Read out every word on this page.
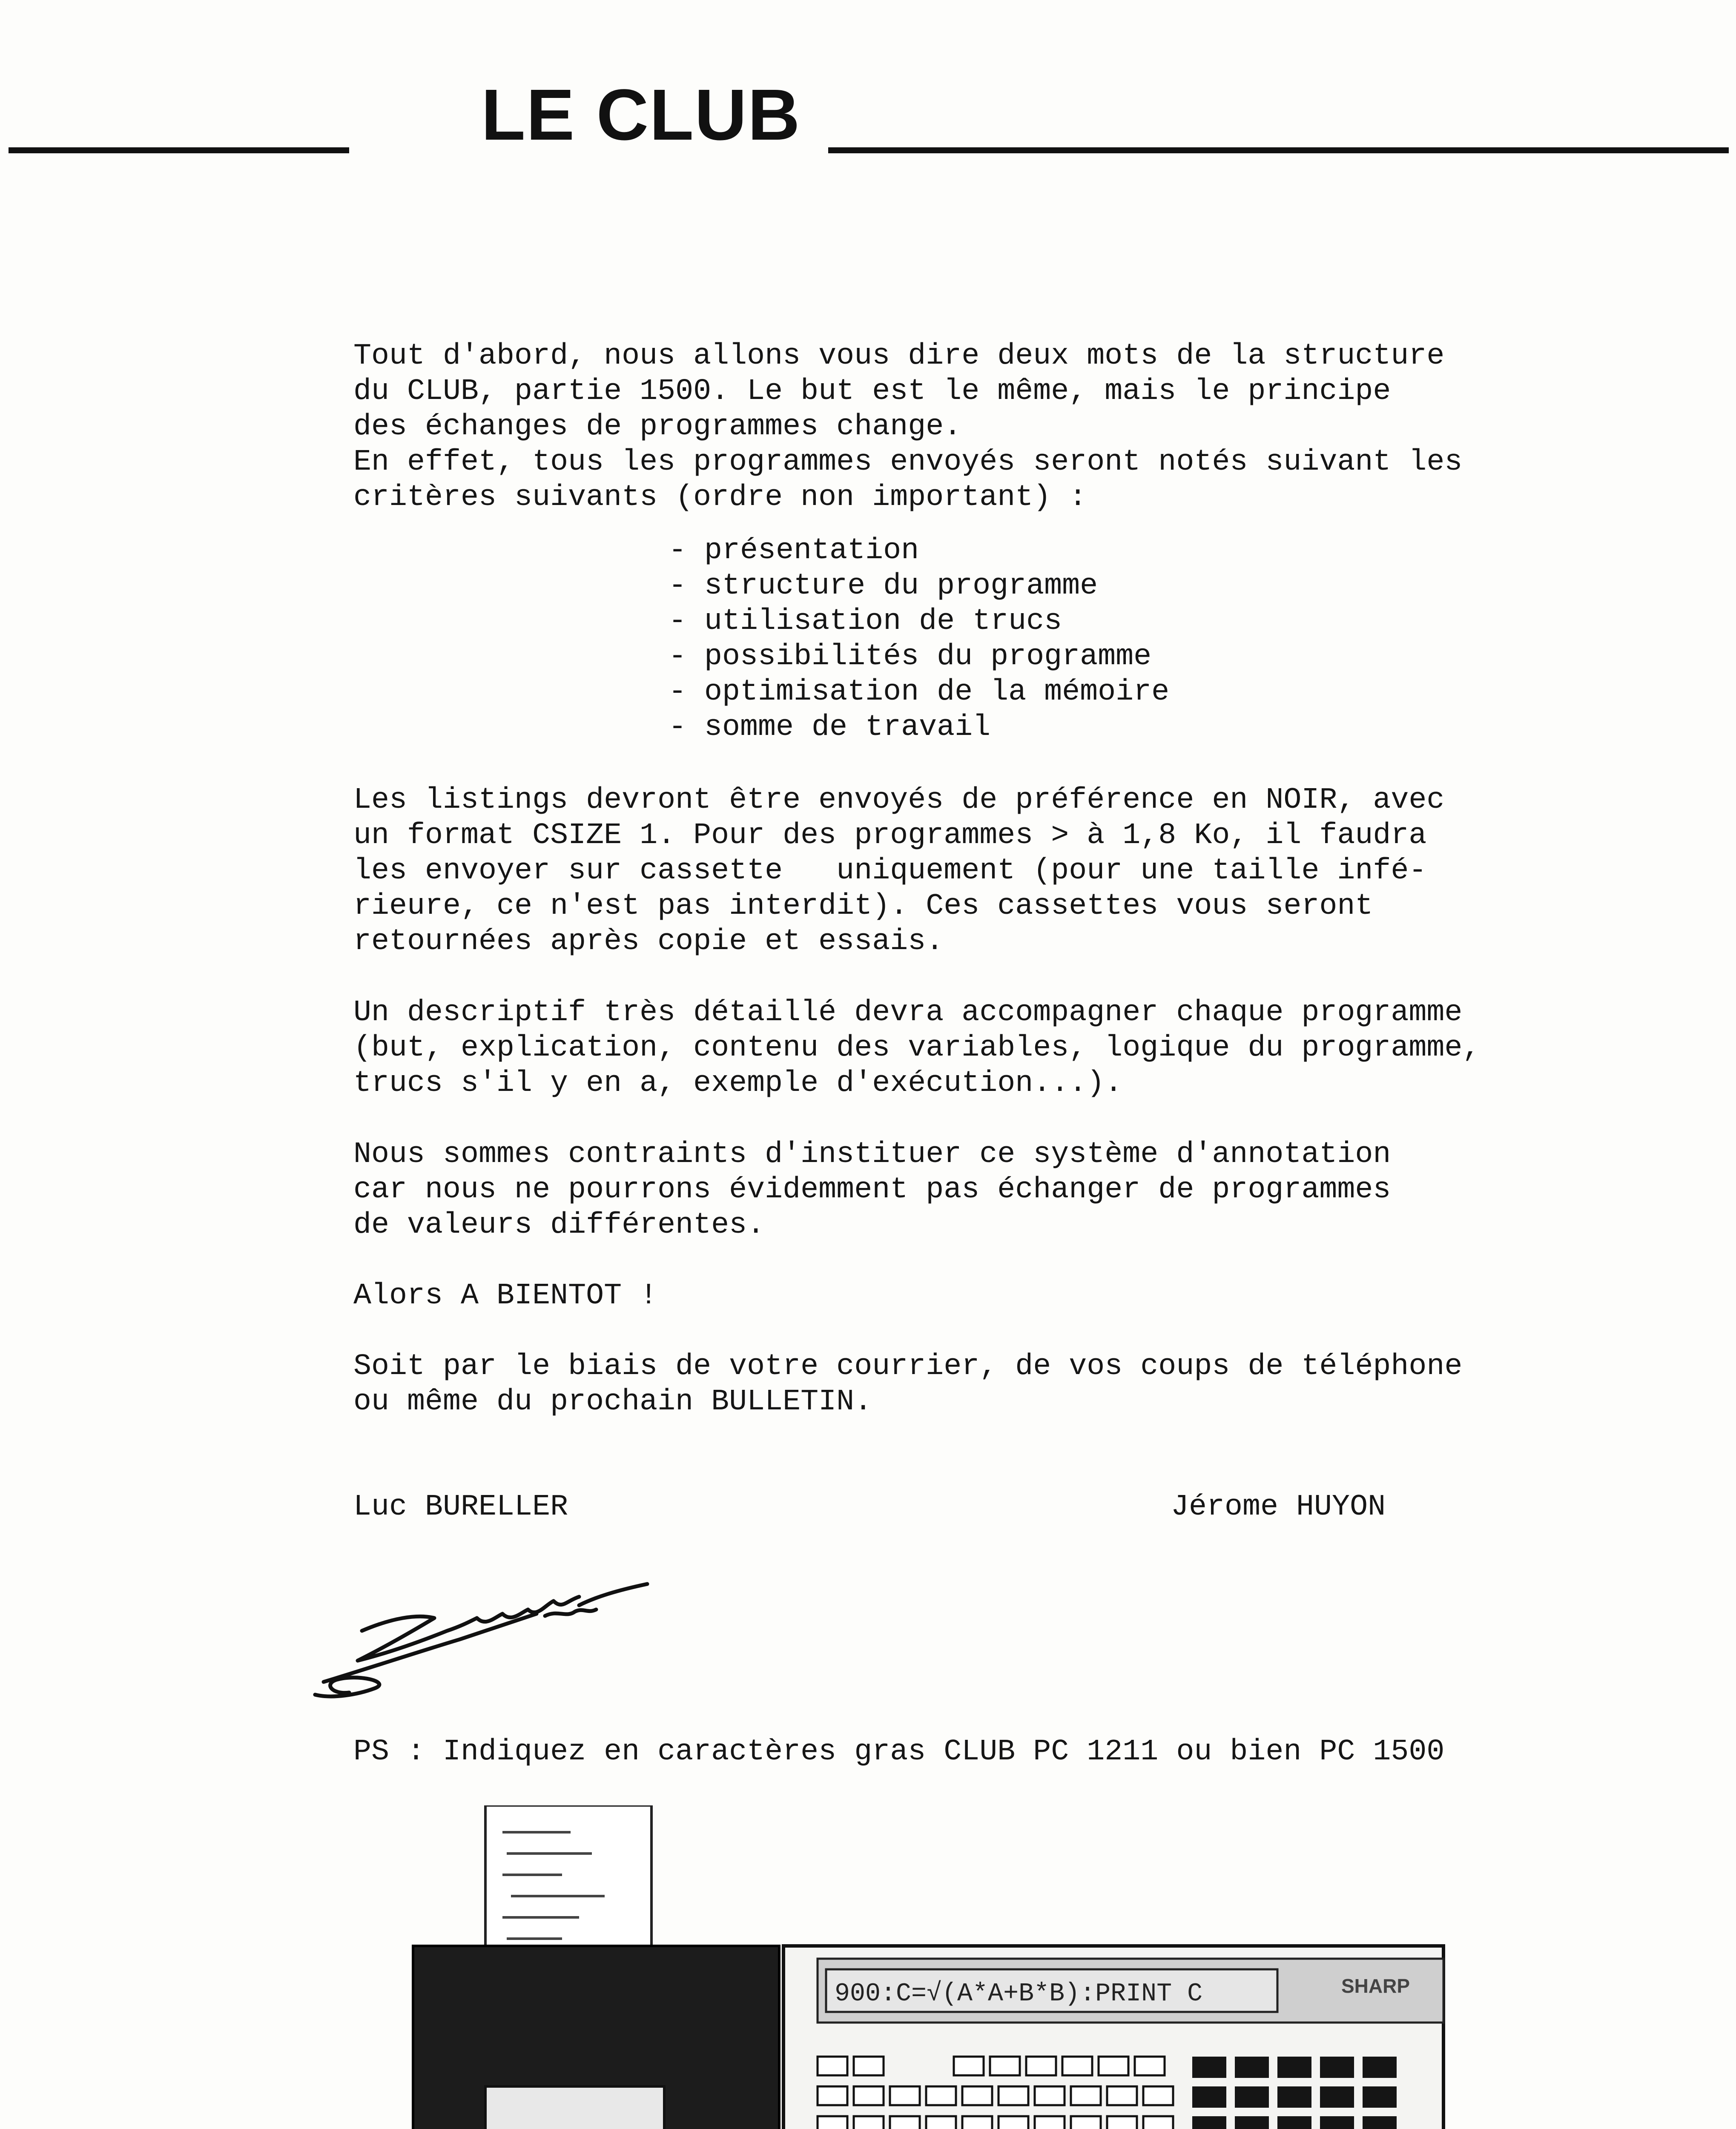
LE CLUB
Tout d'abord, nous allons vous dire deux mots de la structure
du CLUB, partie 1500. Le but est le même, mais le principe
des échanges de programmes change.
En effet, tous les programmes envoyés seront notés suivant les
critères suivants (ordre non important) :
- présentation
- structure du programme
- utilisation de trucs
- possibilités du programme
- optimisation de la mémoire
- somme de travail
Les listings devront être envoyés de préférence en NOIR, avec
un format CSIZE 1. Pour des programmes > à 1,8 Ko, il faudra
les envoyer sur cassette   uniquement (pour une taille infé-
rieure, ce n'est pas interdit). Ces cassettes vous seront
retournées après copie et essais.
Un descriptif très détaillé devra accompagner chaque programme
(but, explication, contenu des variables, logique du programme,
trucs s'il y en a, exemple d'exécution...).
Nous sommes contraints d'instituer ce système d'annotation
car nous ne pourrons évidemment pas échanger de programmes
de valeurs différentes.
Alors A BIENTOT !
Soit par le biais de votre courrier, de vos coups de téléphone
ou même du prochain BULLETIN.
Luc BURELLER	Jérome HUYON
PS : Indiquez en caractères gras CLUB PC 1211 ou bien PC 1500
900:C=√(A*A+B*B):PRINT C	SHARP
